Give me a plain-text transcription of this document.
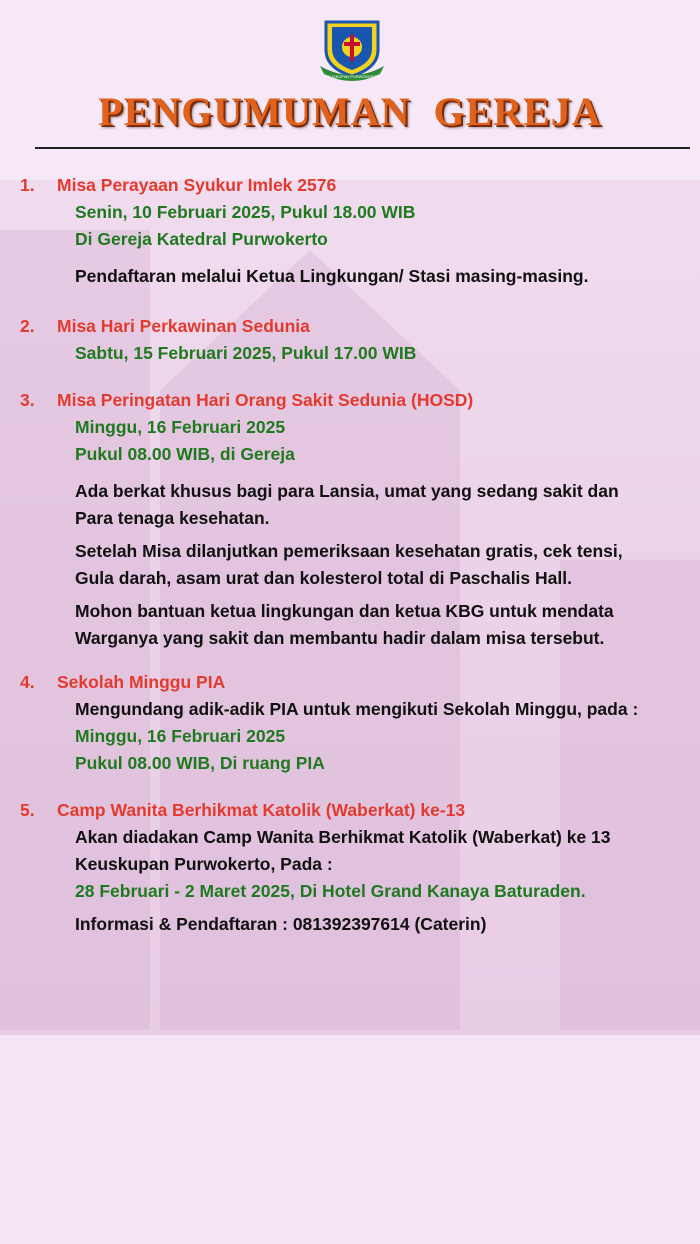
KEUSKUPAN PURWOKERTO
PENGUMUMAN GEREJA
1.	Misa Perayaan Syukur Imlek 2576
Senin, 10 Februari 2025, Pukul 18.00 WIB
Di Gereja Katedral Purwokerto
Pendaftaran melalui Ketua Lingkungan/ Stasi masing-masing.
2.	Misa Hari Perkawinan Sedunia
Sabtu, 15 Februari 2025, Pukul 17.00 WIB
3.	Misa Peringatan Hari Orang Sakit Sedunia (HOSD)
Minggu, 16 Februari 2025
Pukul 08.00 WIB, di Gereja
Ada berkat khusus bagi para Lansia, umat yang sedang sakit dan
Para tenaga kesehatan.
Setelah Misa dilanjutkan pemeriksaan kesehatan gratis, cek tensi,
Gula darah, asam urat dan kolesterol total di Paschalis Hall.
Mohon bantuan ketua lingkungan dan ketua KBG untuk mendata
Warganya yang sakit dan membantu hadir dalam misa tersebut.
4.	Sekolah Minggu PIA
Mengundang adik-adik PIA untuk mengikuti Sekolah Minggu, pada :
Minggu, 16 Februari 2025
Pukul 08.00 WIB, Di ruang PIA
5.	Camp Wanita Berhikmat Katolik (Waberkat) ke-13
Akan diadakan Camp Wanita Berhikmat Katolik (Waberkat) ke 13
Keuskupan Purwokerto, Pada :
28 Februari - 2 Maret 2025, Di Hotel Grand Kanaya Baturaden.
Informasi & Pendaftaran : 081392397614 (Caterin)
